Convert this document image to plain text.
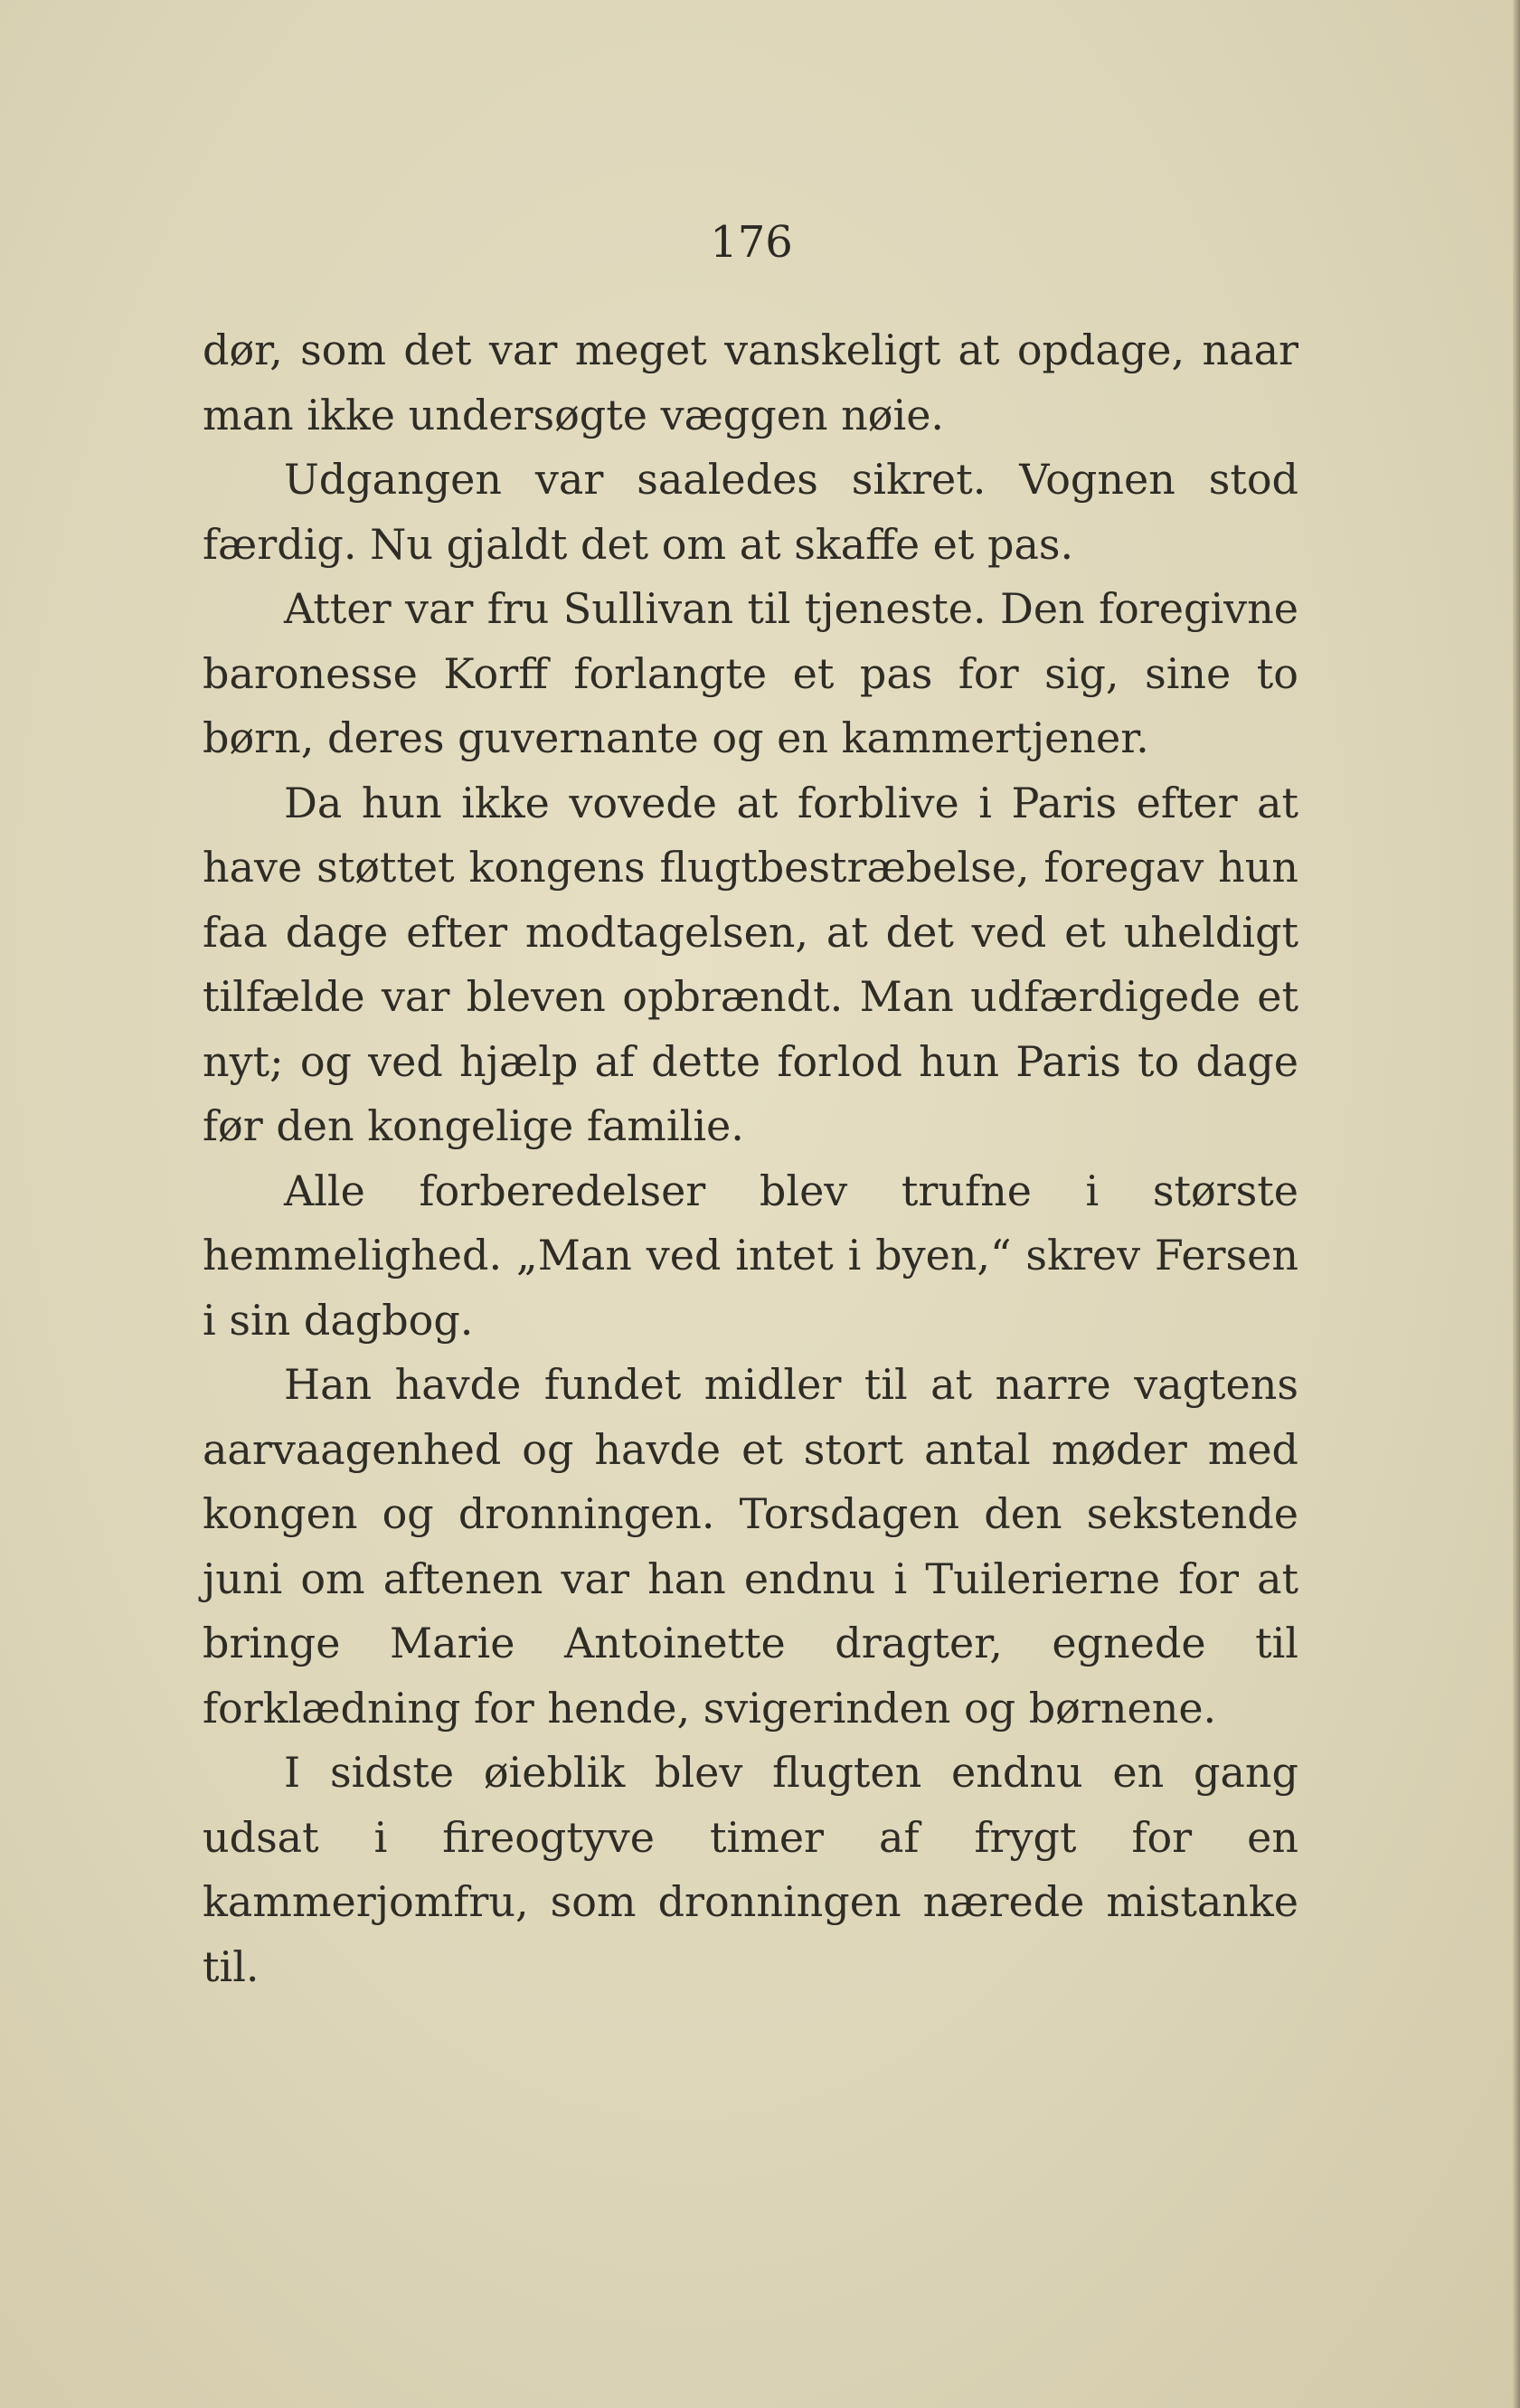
176

dør, som det var meget vanskeligt at opdage, naar man ikke undersøgte væggen nøie.

Udgangen var saaledes sikret. Vognen stod færdig. Nu gjaldt det om at skaffe et pas.

Atter var fru Sullivan til tjeneste. Den foregivne baronesse Korff forlangte et pas for sig, sine to børn, deres guvernante og en kammertjener.

Da hun ikke vovede at forblive i Paris efter at have støttet kongens flugtbestræbelse, foregav hun faa dage efter modtagelsen, at det ved et uheldigt tilfælde var bleven opbrændt. Man udfærdigede et nyt; og ved hjælp af dette forlod hun Paris to dage før den kongelige familie.

Alle forberedelser blev trufne i største hemmelighed. „Man ved intet i byen,“ skrev Fersen i sin dagbog.

Han havde fundet midler til at narre vagtens aarvaagenhed og havde et stort antal møder med kongen og dronningen. Torsdagen den sekstende juni om aftenen var han endnu i Tuilerierne for at bringe Marie Antoinette dragter, egnede til forklædning for hende, svigerinden og børnene.

I sidste øieblik blev flugten endnu en gang udsat i fireogtyve timer af frygt for en kammerjomfru, som dronningen nærede mistanke til.
